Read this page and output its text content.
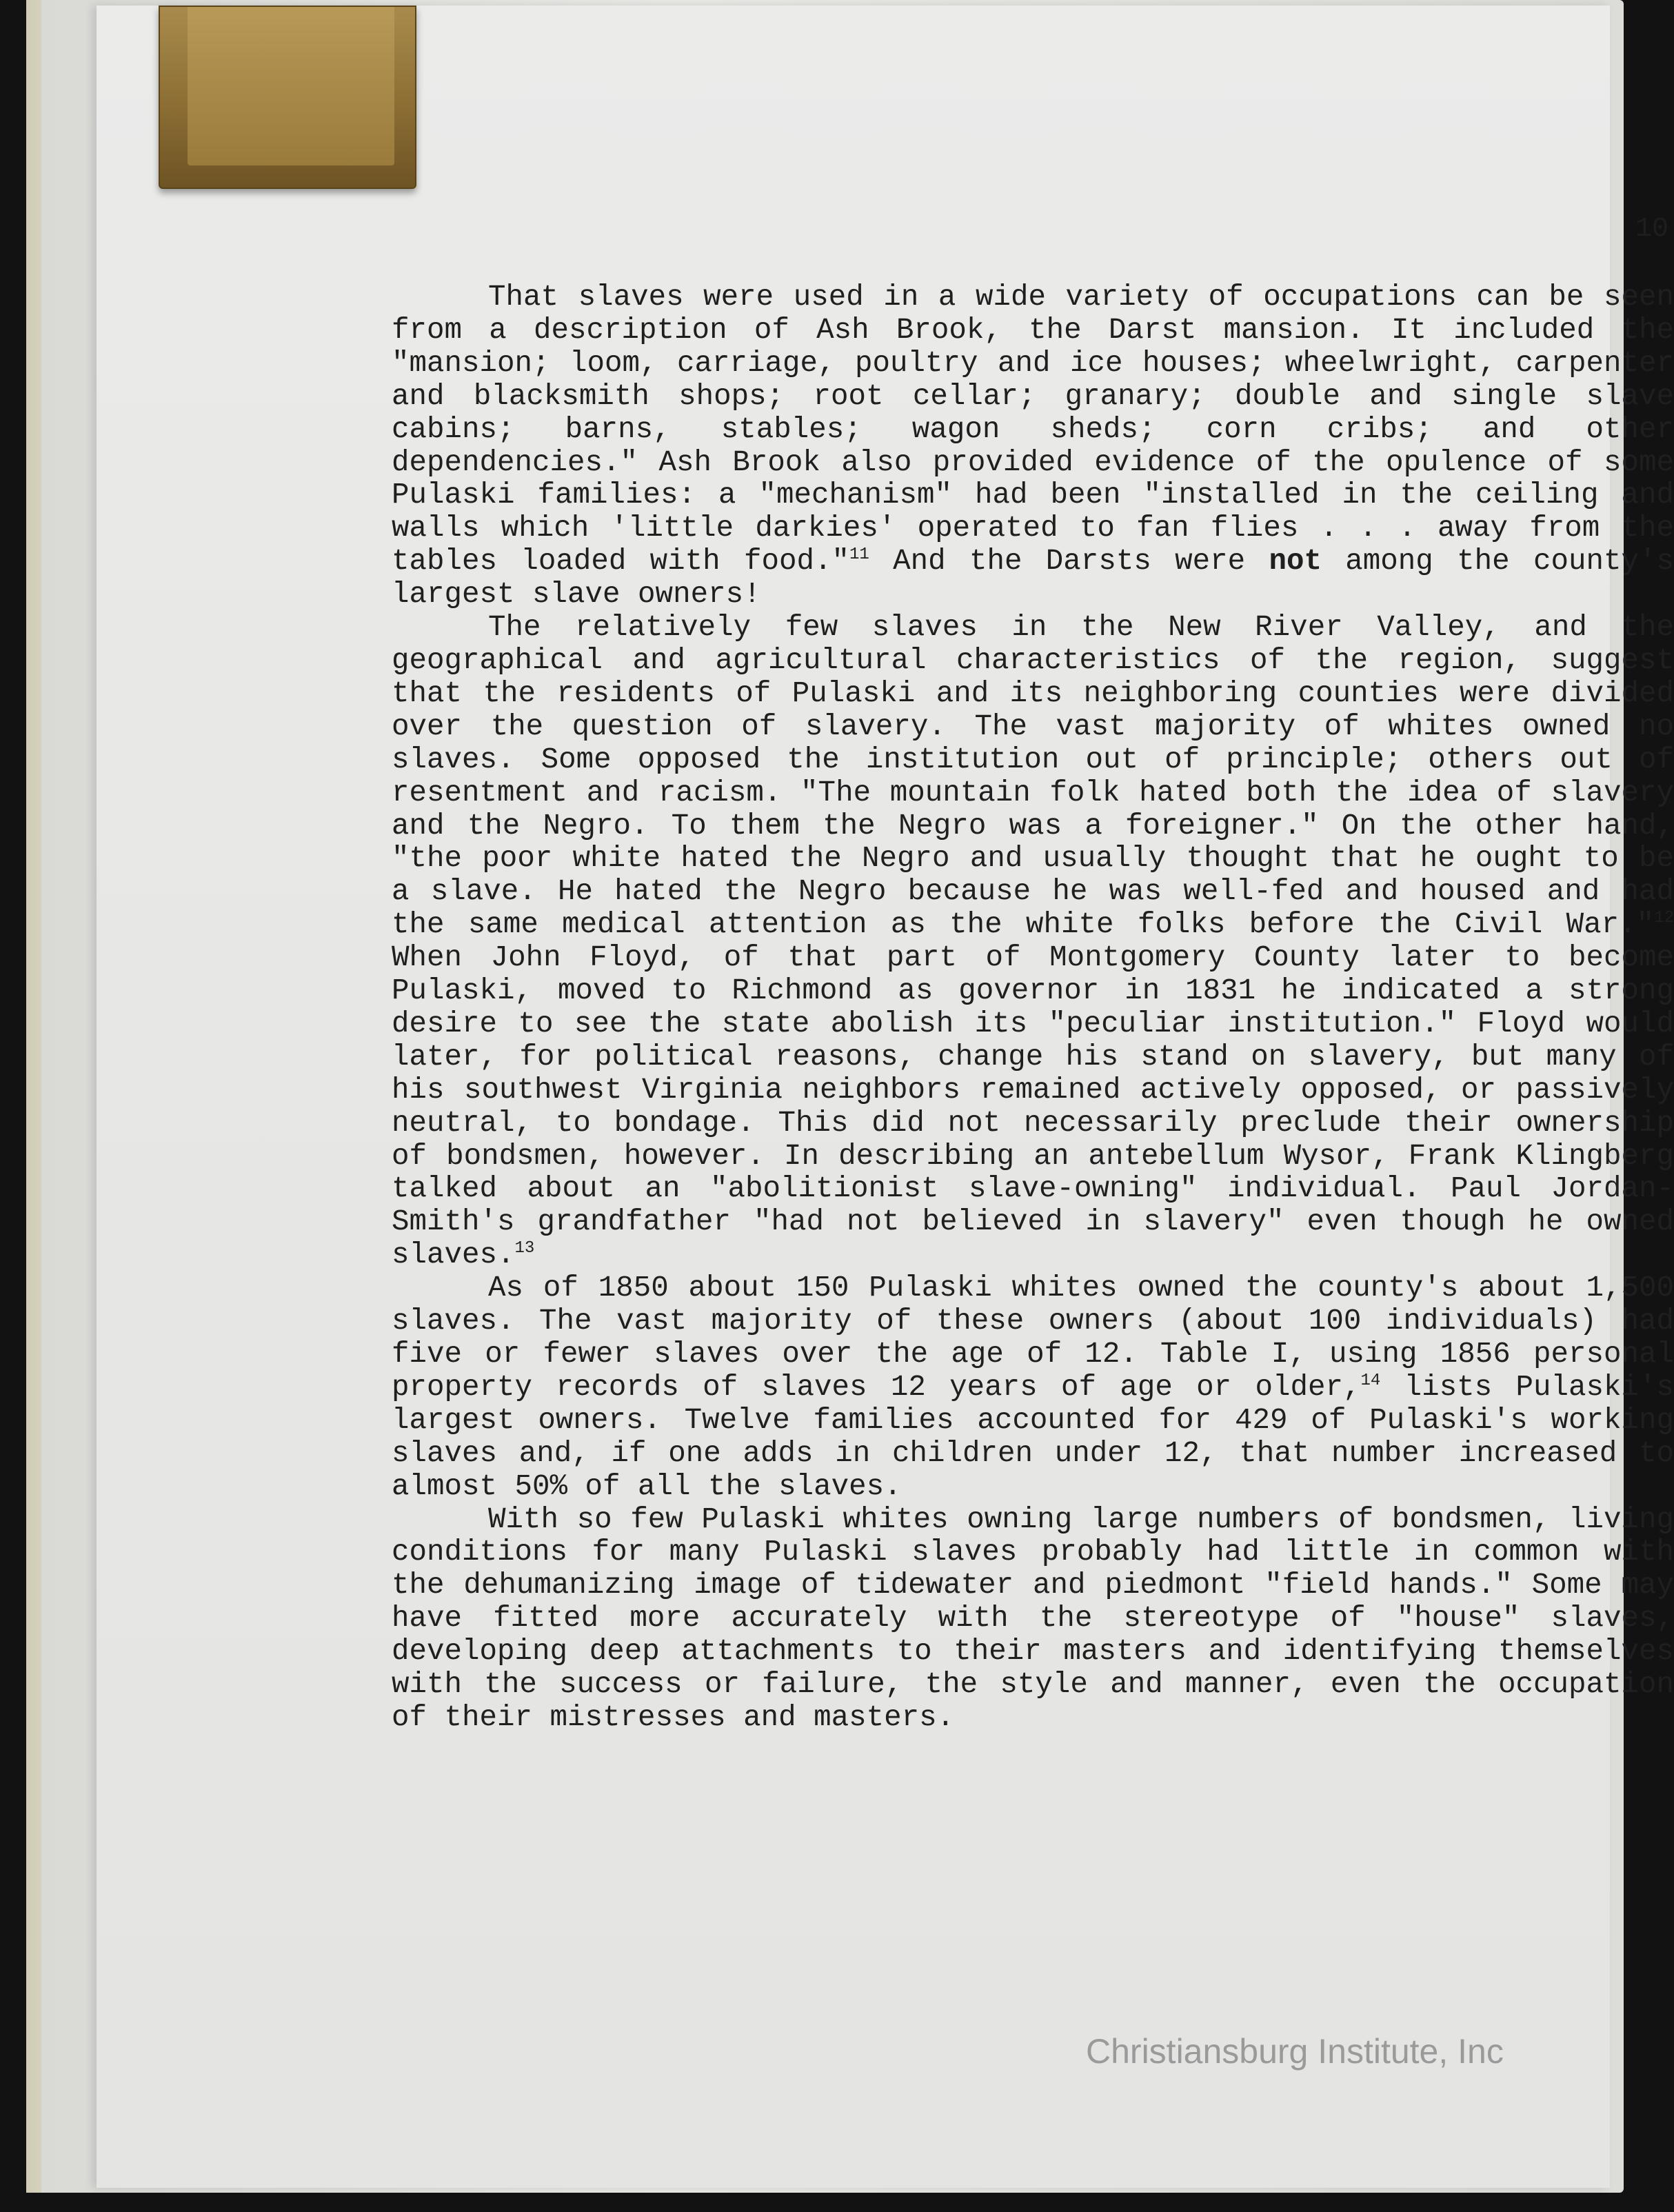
10

That slaves were used in a wide variety of occupations can be seen from a description of Ash Brook, the Darst mansion. It included the "mansion; loom, carriage, poultry and ice houses; wheelwright, carpenter and blacksmith shops; root cellar; granary; double and single slave cabins; barns, stables; wagon sheds; corn cribs; and other dependencies." Ash Brook also provided evidence of the opulence of some Pulaski families: a "mechanism" had been "installed in the ceiling and walls which 'little darkies' operated to fan flies . . . away from the tables loaded with food."$^{11}$ And the Darsts were not among the county's largest slave owners!

The relatively few slaves in the New River Valley, and the geographical and agricultural characteristics of the region, suggest that the residents of Pulaski and its neighboring counties were divided over the question of slavery. The vast majority of whites owned no slaves. Some opposed the institution out of principle; others out of resentment and racism. "The mountain folk hated both the idea of slavery and the Negro. To them the Negro was a foreigner." On the other hand, "the poor white hated the Negro and usually thought that he ought to be a slave. He hated the Negro because he was well-fed and housed and had the same medical attention as the white folks before the Civil War."$^{12}$ When John Floyd, of that part of Montgomery County later to become Pulaski, moved to Richmond as governor in 1831 he indicated a strong desire to see the state abolish its "peculiar institution." Floyd would later, for political reasons, change his stand on slavery, but many of his southwest Virginia neighbors remained actively opposed, or passively neutral, to bondage. This did not necessarily preclude their ownership of bondsmen, however. In describing an antebellum Wysor, Frank Klingberg talked about an "abolitionist slave-owning" individual. Paul Jordan-Smith's grandfather "had not believed in slavery" even though he owned slaves.$^{13}$

As of 1850 about 150 Pulaski whites owned the county's about 1,500 slaves. The vast majority of these owners (about 100 individuals) had five or fewer slaves over the age of 12. Table I, using 1856 personal property records of slaves 12 years of age or older,$^{14}$ lists Pulaski's largest owners. Twelve families accounted for 429 of Pulaski's working slaves and, if one adds in children under 12, that number increased to almost 50% of all the slaves.

With so few Pulaski whites owning large numbers of bondsmen, living conditions for many Pulaski slaves probably had little in common with the dehumanizing image of tidewater and piedmont "field hands." Some may have fitted more accurately with the stereotype of "house" slaves, developing deep attachments to their masters and identifying themselves with the success or failure, the style and manner, even the occupation of their mistresses and masters.

Christiansburg Institute, Inc
